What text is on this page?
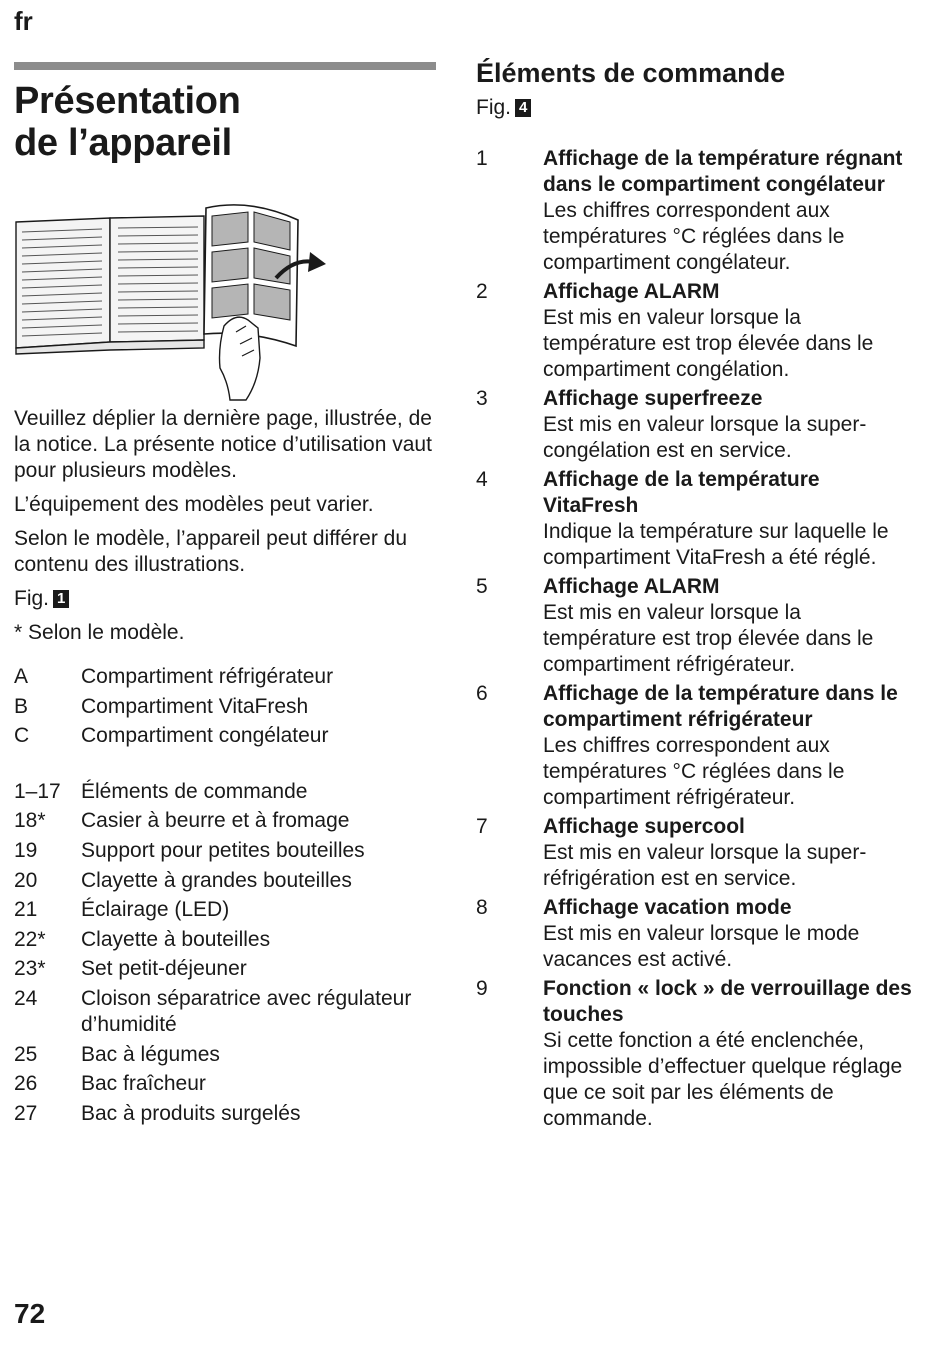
fr
Présentation
de l’appareil

Veuillez déplier la dernière page, illustrée, de la notice. La présente notice d’utilisation vaut pour plusieurs modèles.

L’équipement des modèles peut varier.

Selon le modèle, l’appareil peut différer du contenu des illustrations.

Fig. 1

* Selon le modèle.

A	Compartiment réfrigérateur
B	Compartiment VitaFresh
C	Compartiment congélateur
1–17 Éléments de commande
18*	Casier à beurre et à fromage
19	Support pour petites bouteilles
20	Clayette à grandes bouteilles
21	Éclairage (LED)
22*	Clayette à bouteilles
23*	Set petit-déjeuner
24	Cloison séparatrice avec régulateur d’humidité
25	Bac à légumes
26	Bac fraîcheur
27	Bac à produits surgelés
Éléments de commande
Fig. 4
1	Affichage de la température régnant dans le compartiment congélateur
Les chiffres correspondent aux températures °C réglées dans le compartiment congélateur.
2	Affichage ALARM
Est mis en valeur lorsque la température est trop élevée dans le compartiment congélation.
3	Affichage superfreeze
Est mis en valeur lorsque la super-congélation est en service.
4	Affichage de la température VitaFresh
Indique la température sur laquelle le compartiment VitaFresh a été réglé.
5	Affichage ALARM
Est mis en valeur lorsque la température est trop élevée dans le compartiment réfrigérateur.
6	Affichage de la température dans le compartiment réfrigérateur
Les chiffres correspondent aux températures °C réglées dans le compartiment réfrigérateur.
7	Affichage supercool
Est mis en valeur lorsque la super-réfrigération est en service.
8	Affichage vacation mode
Est mis en valeur lorsque le mode vacances est activé.
9	Fonction « lock » de verrouillage des touches
Si cette fonction a été enclenchée, impossible d’effectuer quelque réglage que ce soit par les éléments de commande.
72
